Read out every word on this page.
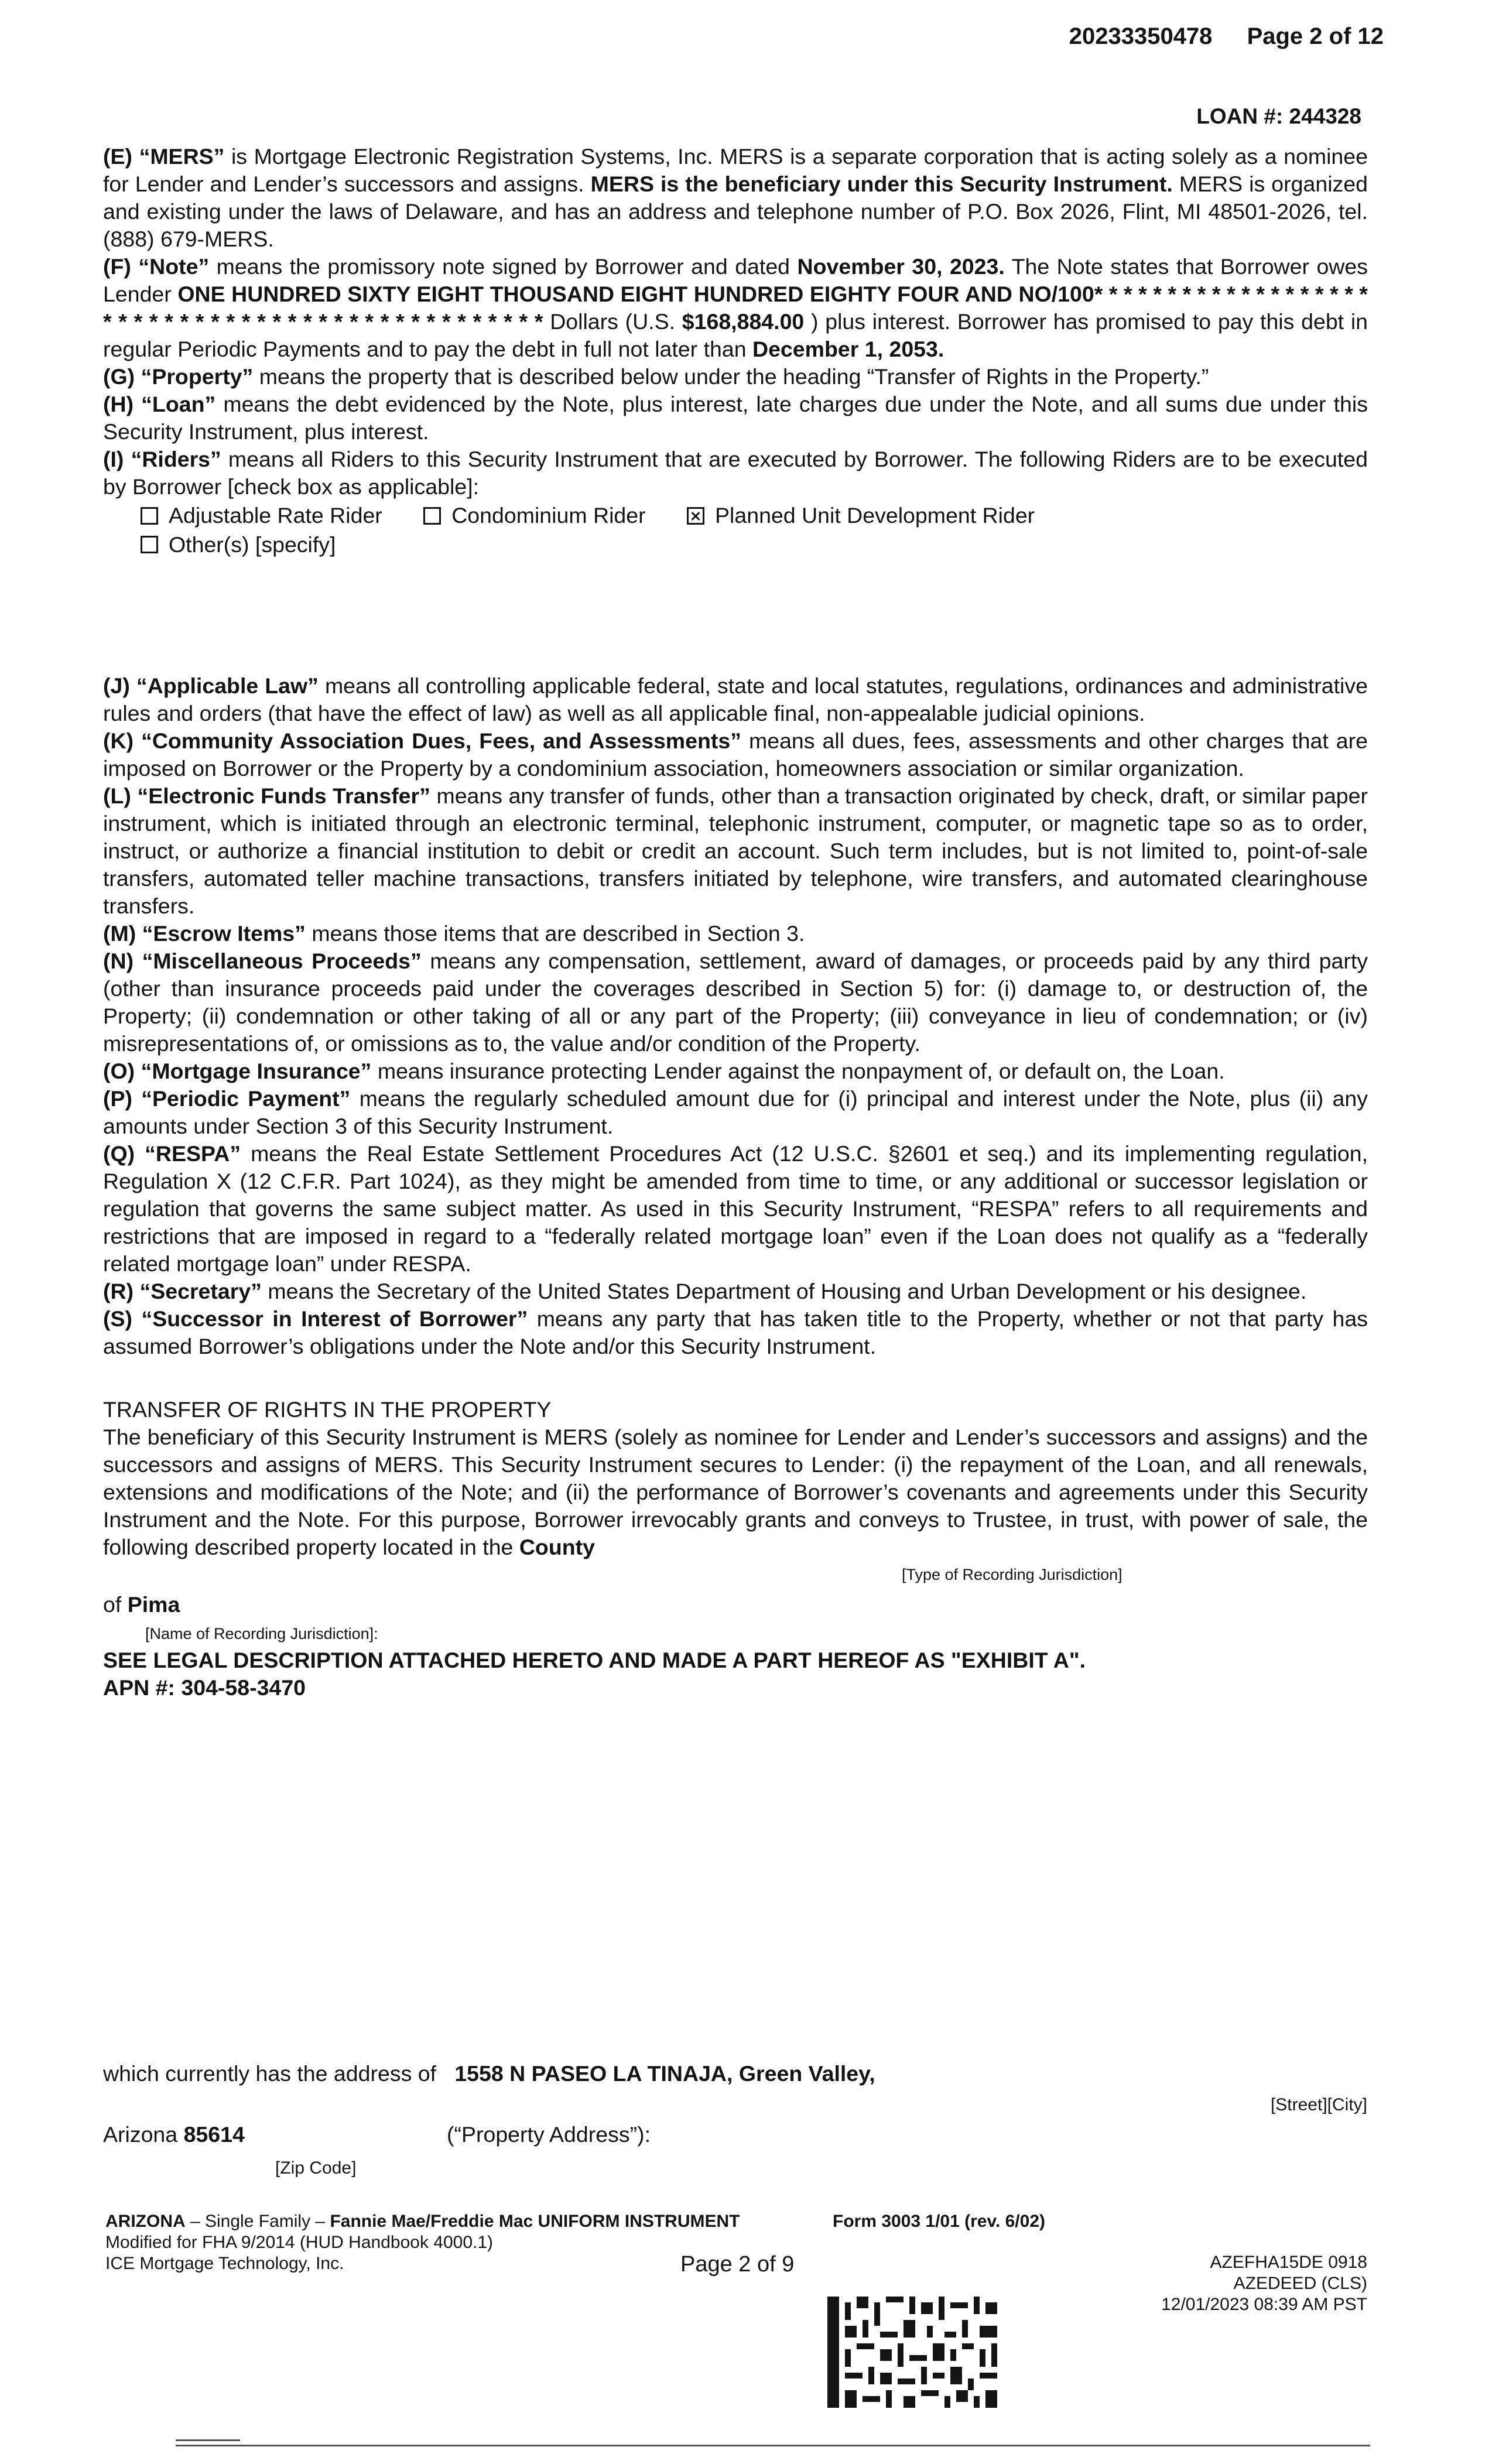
20233350478 Page 2 of 12
LOAN #: 244328

(E) “MERS” is Mortgage Electronic Registration Systems, Inc. MERS is a separate corporation that is acting solely as a nominee for Lender and Lender’s successors and assigns. MERS is the beneficiary under this Security Instrument. MERS is organized and existing under the laws of Delaware, and has an address and telephone number of P.O. Box 2026, Flint, MI 48501-2026, tel. (888) 679-MERS.

(F) “Note” means the promissory note signed by Borrower and dated November 30, 2023. The Note states that Borrower owes Lender ONE HUNDRED SIXTY EIGHT THOUSAND EIGHT HUNDRED EIGHTY FOUR AND NO/100* * * * * * * * * * * * * * * * * * * * * * * * * * * * * * * * * * * * * * * * * * * * * * * * Dollars (U.S. $168,884.00 ) plus interest. Borrower has promised to pay this debt in regular Periodic Payments and to pay the debt in full not later than December 1, 2053.

(G) “Property” means the property that is described below under the heading “Transfer of Rights in the Property.”

(H) “Loan” means the debt evidenced by the Note, plus interest, late charges due under the Note, and all sums due under this Security Instrument, plus interest.

(I) “Riders” means all Riders to this Security Instrument that are executed by Borrower. The following Riders are to be executed by Borrower [check box as applicable]:

Adjustable Rate Rider
	Condominium Rider
	Planned Unit Development Rider
Other(s) [specify]

(J) “Applicable Law” means all controlling applicable federal, state and local statutes, regulations, ordinances and administrative rules and orders (that have the effect of law) as well as all applicable final, non-appealable judicial opinions.

(K) “Community Association Dues, Fees, and Assessments” means all dues, fees, assessments and other charges that are imposed on Borrower or the Property by a condominium association, homeowners association or similar organization.

(L) “Electronic Funds Transfer” means any transfer of funds, other than a transaction originated by check, draft, or similar paper instrument, which is initiated through an electronic terminal, telephonic instrument, computer, or magnetic tape so as to order, instruct, or authorize a financial institution to debit or credit an account. Such term includes, but is not limited to, point-of-sale transfers, automated teller machine transactions, transfers initiated by telephone, wire transfers, and automated clearinghouse transfers.

(M) “Escrow Items” means those items that are described in Section 3.

(N) “Miscellaneous Proceeds” means any compensation, settlement, award of damages, or proceeds paid by any third party (other than insurance proceeds paid under the coverages described in Section 5) for: (i) damage to, or destruction of, the Property; (ii) condemnation or other taking of all or any part of the Property; (iii) conveyance in lieu of condemnation; or (iv) misrepresentations of, or omissions as to, the value and/or condition of the Property.

(O) “Mortgage Insurance” means insurance protecting Lender against the nonpayment of, or default on, the Loan.

(P) “Periodic Payment” means the regularly scheduled amount due for (i) principal and interest under the Note, plus (ii) any amounts under Section 3 of this Security Instrument.

(Q) “RESPA” means the Real Estate Settlement Procedures Act (12 U.S.C. §2601 et seq.) and its implementing regulation, Regulation X (12 C.F.R. Part 1024), as they might be amended from time to time, or any additional or successor legislation or regulation that governs the same subject matter. As used in this Security Instrument, “RESPA” refers to all requirements and restrictions that are imposed in regard to a “federally related mortgage loan” even if the Loan does not qualify as a “federally related mortgage loan” under RESPA.

(R) “Secretary” means the Secretary of the United States Department of Housing and Urban Development or his designee.

(S) “Successor in Interest of Borrower” means any party that has taken title to the Property, whether or not that party has assumed Borrower’s obligations under the Note and/or this Security Instrument.

TRANSFER OF RIGHTS IN THE PROPERTY

The beneficiary of this Security Instrument is MERS (solely as nominee for Lender and Lender’s successors and assigns) and the successors and assigns of MERS. This Security Instrument secures to Lender: (i) the repayment of the Loan, and all renewals, extensions and modifications of the Note; and (ii) the performance of Borrower’s covenants and agreements under this Security Instrument and the Note. For this purpose, Borrower irrevocably grants and conveys to Trustee, in trust, with power of sale, the following described property located in the County

[Type of Recording Jurisdiction]
of Pima
[Name of Recording Jurisdiction]:
SEE LEGAL DESCRIPTION ATTACHED HERETO AND MADE A PART HEREOF AS "EXHIBIT A".
APN #: 304-58-3470
which currently has the address of 1558 N PASEO LA TINAJA, Green Valley,
[Street][City]
Arizona 85614	(“Property Address”):
[Zip Code]
ARIZONA – Single Family – Fannie Mae/Freddie Mac UNIFORM INSTRUMENT
Modified for FHA 9/2014 (HUD Handbook 4000.1)
ICE Mortgage Technology, Inc.
Form 3003 1/01 (rev. 6/02)
Page 2 of 9	AZEFHA15DE 0918
AZEDEED (CLS)
12/01/2023 08:39 AM PST
